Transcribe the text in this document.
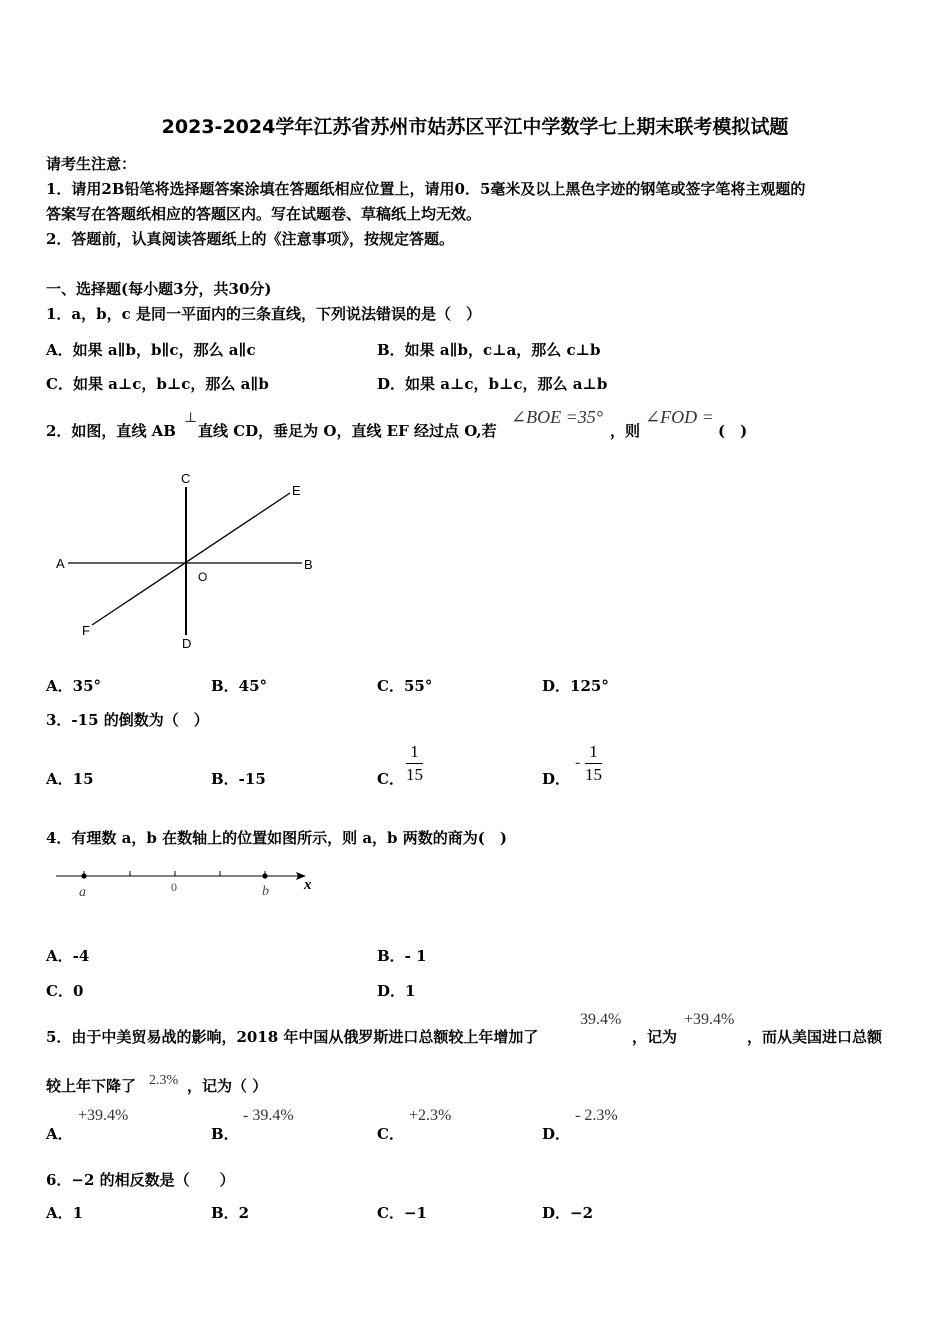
2023-2024学年江苏省苏州市姑苏区平江中学数学七上期末联考模拟试题
请考生注意：
1．请用2B铅笔将选择题答案涂填在答题纸相应位置上，请用0．5毫米及以上黑色字迹的钢笔或签字笔将主观题的
答案写在答题纸相应的答题区内。写在试题卷、草稿纸上均无效。
2．答题前，认真阅读答题纸上的《注意事项》，按规定答题。
一、选择题(每小题3分，共30分)
1．a，b，c 是同一平面内的三条直线，下列说法错误的是（　）
A．如果 a∥b，b∥c，那么 a∥c	B．如果 a∥b，c⊥a，那么 c⊥b
C．如果 a⊥c，b⊥c，那么 a∥b	D．如果 a⊥c，b⊥c，那么 a⊥b
2．如图，直线 AB
⊥
直线 CD，垂足为 O，直线 EF 经过点 O,若
∠BOE =35°
，则
∠FOD =
(　)
C
E
A	B
O
F
D
A．35°	B．45°	C．55°	D．125°
3．-15 的倒数为（　）
A．15	B．-15	C． $\frac{1}{15}$	D．
- $\frac{1}{15}$
4．有理数 a，b 在数轴上的位置如图所示，则 a，b 两数的商为(　)
a	0	b x
A．-4	B．- 1
C．0	D．1
5．由于中美贸易战的影响，2018 年中国从俄罗斯进口总额较上年增加了
39.4%
，记为
+39.4%
，而从美国进口总额
较上年下降了 2.3% ，记为（ ）
A．
+39.4%
B．
- 39.4%
C．
+2.3%
D．
- 2.3%
6．−2 的相反数是（　　）
A．1	B．2	C．−1	D．−2
